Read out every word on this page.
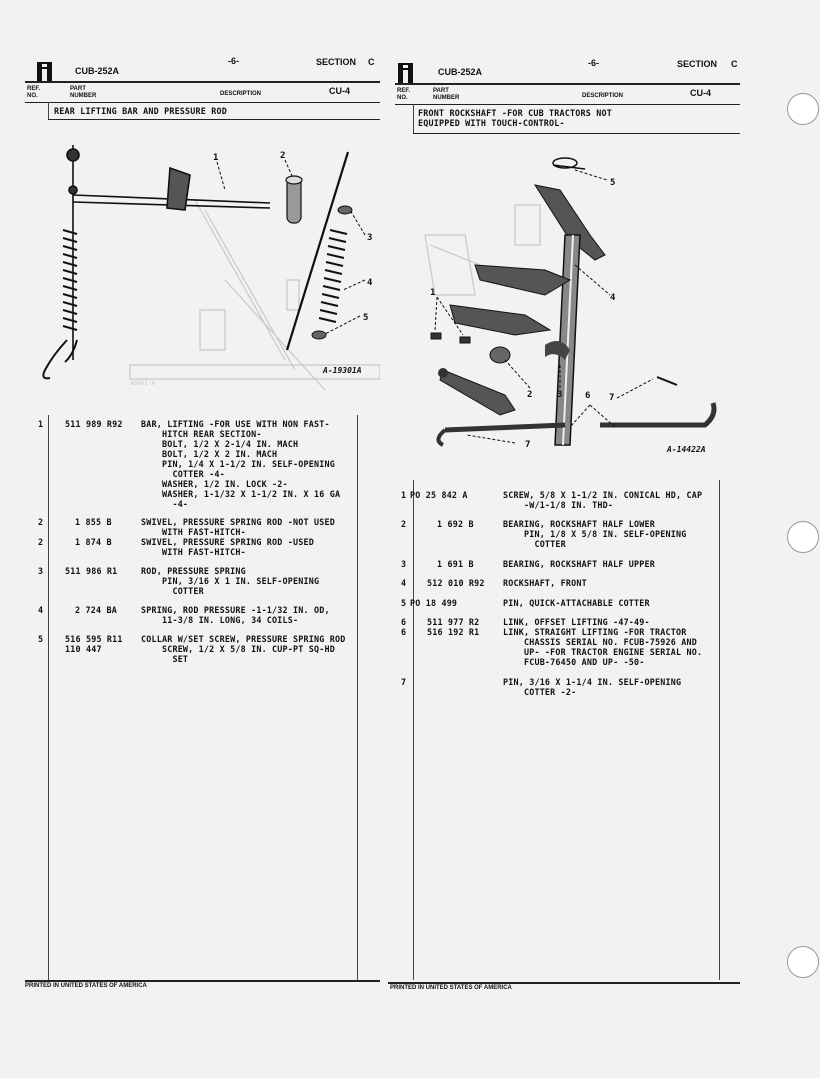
CUB-252A
-6-	SECTION C
CU-4
REF.
NO.
PART
NUMBER	DESCRIPTION
REAR LIFTING BAR AND PRESSURE ROD
A6001-A
1	2
3
4
5
A-19301A
1	511 989 R92 BAR, LIFTING -FOR USE WITH NON FAST-
HITCH REAR SECTION-
BOLT, 1/2 X 2-1/4 IN. MACH
BOLT, 1/2 X 2 IN. MACH
PIN, 1/4 X 1-1/2 IN. SELF-OPENING
COTTER -4-
WASHER, 1/2 IN. LOCK -2-
WASHER, 1-1/32 X 1-1/2 IN. X 16 GA
-4-
2	1 855 B	SWIVEL, PRESSURE SPRING ROD -NOT USED
WITH FAST-HITCH-
2	1 874 B	SWIVEL, PRESSURE SPRING ROD -USED
WITH FAST-HITCH-
3	511 986 R1	ROD, PRESSURE SPRING
PIN, 3/16 X 1 IN. SELF-OPENING
COTTER
4	2 724 BA	SPRING, ROD PRESSURE -1-1/32 IN. OD,
11-3/8 IN. LONG, 34 COILS-
5	516 595 R11
110 447
COLLAR W/SET SCREW, PRESSURE SPRING ROD
SCREW, 1/2 X 5/8 IN. CUP-PT SQ-HD
SET
PRINTED IN UNITED STATES OF AMERICA
CUB-252A
-6-	SECTION C
CU-4
REF.
NO.
PART
NUMBER	DESCRIPTION
FRONT ROCKSHAFT -FOR CUB TRACTORS NOT
EQUIPPED WITH TOUCH-CONTROL-
1
2	3
4
5
6 7
7	A-14422A
1 PO 25 842 A	SCREW, 5/8 X 1-1/2 IN. CONICAL HD, CAP
-W/1-1/8 IN. THD-
2	1 692 B	BEARING, ROCKSHAFT HALF LOWER
PIN, 1/8 X 5/8 IN. SELF-OPENING
COTTER
3	1 691 B	BEARING, ROCKSHAFT HALF UPPER
4 512 010 R92 ROCKSHAFT, FRONT
5 PO 18 499	PIN, QUICK-ATTACHABLE COTTER
6 511 977 R2	LINK, OFFSET LIFTING -47-49-
6 516 192 R1	LINK, STRAIGHT LIFTING -FOR TRACTOR
CHASSIS SERIAL NO. FCUB-75926 AND
UP- -FOR TRACTOR ENGINE SERIAL NO.
FCUB-76450 AND UP- -50-
7	PIN, 3/16 X 1-1/4 IN. SELF-OPENING
COTTER -2-
PRINTED IN UNITED STATES OF AMERICA
